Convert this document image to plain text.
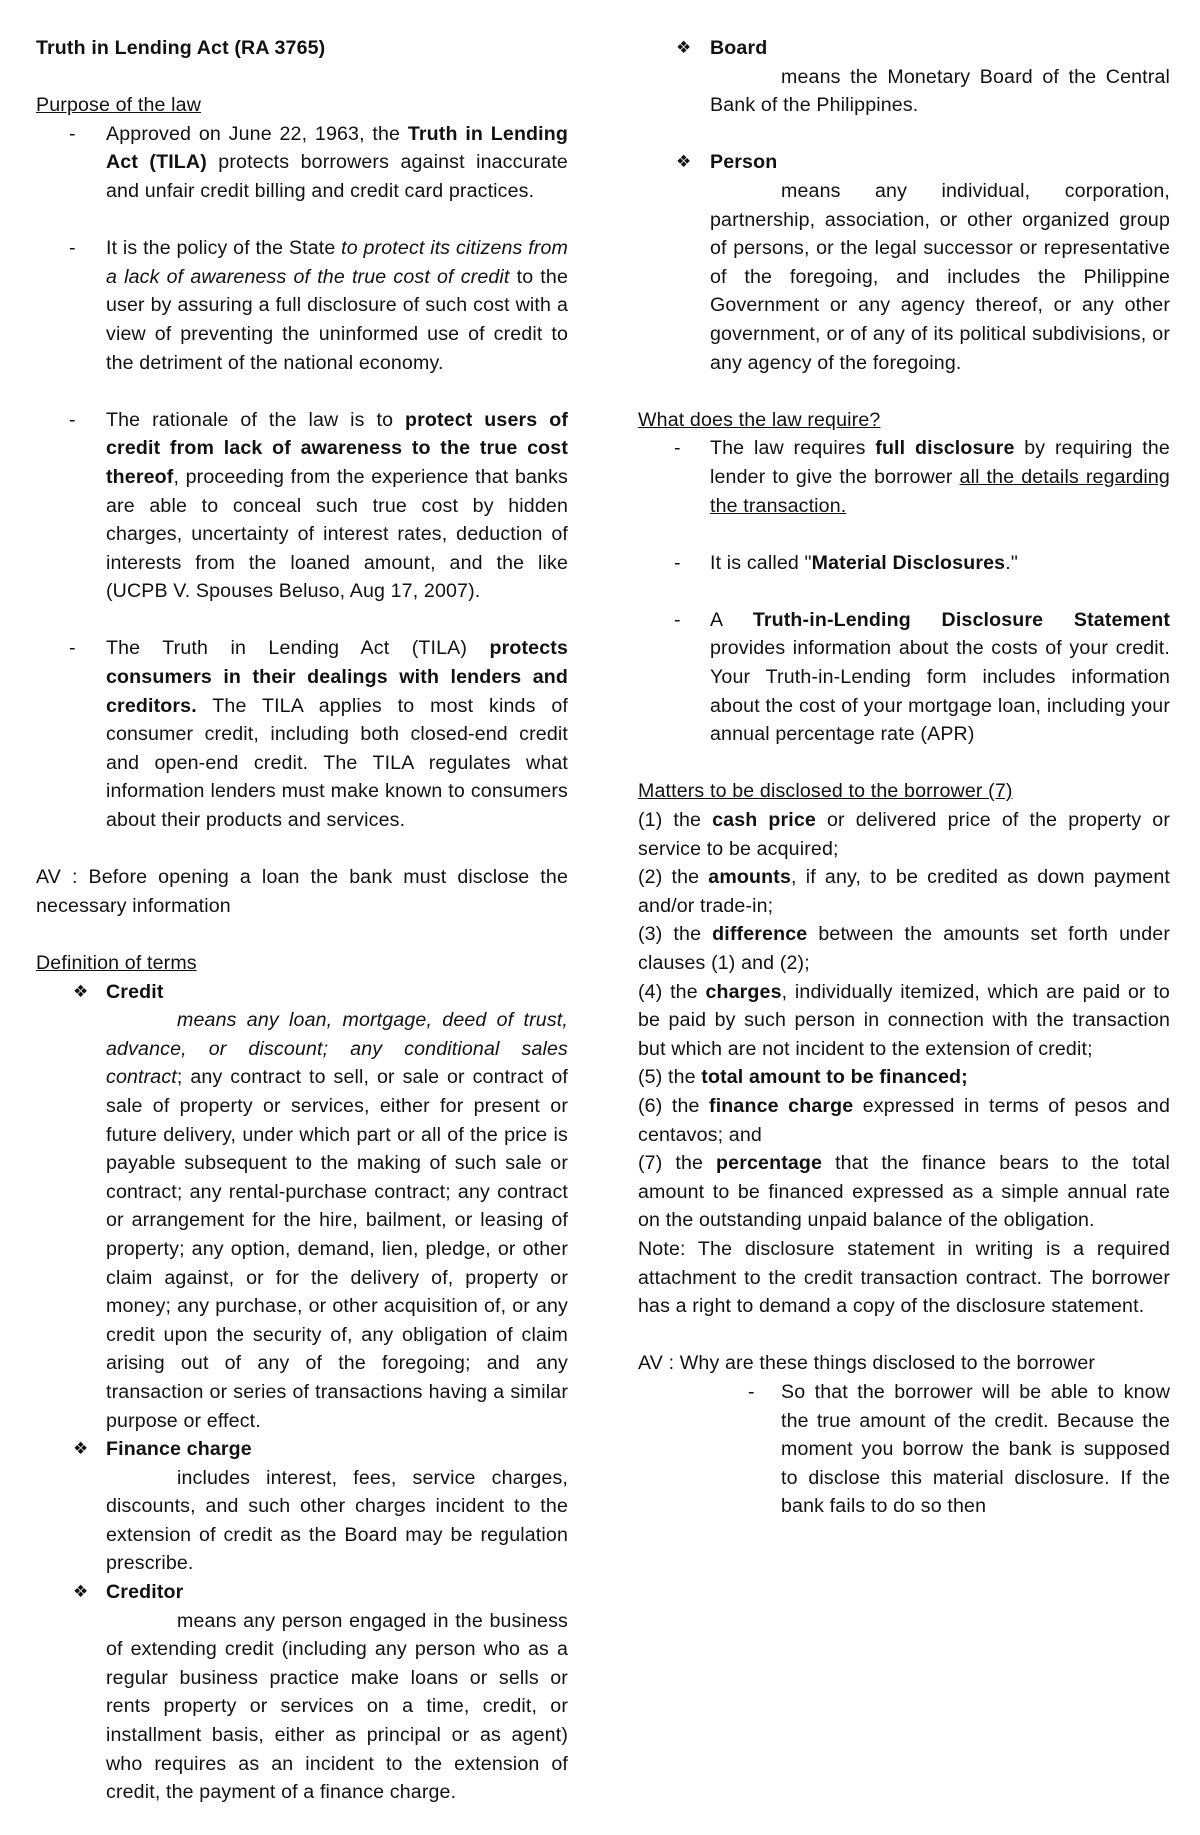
Truth in Lending Act (RA 3765)

Purpose of the law

- Approved on June 22, 1963, the Truth in Lending Act (TILA) protects borrowers against inaccurate and unfair credit billing and credit card practices.

- It is the policy of the State to protect its citizens from a lack of awareness of the true cost of credit to the user by assuring a full disclosure of such cost with a view of preventing the uninformed use of credit to the detriment of the national economy.

- The rationale of the law is to protect users of credit from lack of awareness to the true cost thereof, proceeding from the experience that banks are able to conceal such true cost by hidden charges, uncertainty of interest rates, deduction of interests from the loaned amount, and the like (UCPB V. Spouses Beluso, Aug 17, 2007).

- The Truth in Lending Act (TILA) protects consumers in their dealings with lenders and creditors. The TILA applies to most kinds of consumer credit, including both closed-end credit and open-end credit. The TILA regulates what information lenders must make known to consumers about their products and services.

AV : Before opening a loan the bank must disclose the necessary information

Definition of terms

❖ Credit

means any loan, mortgage, deed of trust, advance, or discount; any conditional sales contract; any contract to sell, or sale or contract of sale of property or services, either for present or future delivery, under which part or all of the price is payable subsequent to the making of such sale or contract; any rental-purchase contract; any contract or arrangement for the hire, bailment, or leasing of property; any option, demand, lien, pledge, or other claim against, or for the delivery of, property or money; any purchase, or other acquisition of, or any credit upon the security of, any obligation of claim arising out of any of the foregoing; and any transaction or series of transactions having a similar purpose or effect.

❖ Finance charge

includes interest, fees, service charges, discounts, and such other charges incident to the extension of credit as the Board may be regulation prescribe.

❖ Creditor

means any person engaged in the business of extending credit (including any person who as a regular business practice make loans or sells or rents property or services on a time, credit, or installment basis, either as principal or as agent) who requires as an incident to the extension of credit, the payment of a finance charge.

❖ Board

means the Monetary Board of the Central Bank of the Philippines.

❖ Person

means any individual, corporation, partnership, association, or other organized group of persons, or the legal successor or representative of the foregoing, and includes the Philippine Government or any agency thereof, or any other government, or of any of its political subdivisions, or any agency of the foregoing.

What does the law require?

- The law requires full disclosure by requiring the lender to give the borrower all the details regarding the transaction.

- It is called "Material Disclosures."

- A Truth-in-Lending Disclosure Statement provides information about the costs of your credit. Your Truth-in-Lending form includes information about the cost of your mortgage loan, including your annual percentage rate (APR)

Matters to be disclosed to the borrower (7)

(1) the cash price or delivered price of the property or service to be acquired;

(2) the amounts, if any, to be credited as down payment and/or trade-in;

(3) the difference between the amounts set forth under clauses (1) and (2);

(4) the charges, individually itemized, which are paid or to be paid by such person in connection with the transaction but which are not incident to the extension of credit;

(5) the total amount to be financed;

(6) the finance charge expressed in terms of pesos and centavos; and

(7) the percentage that the finance bears to the total amount to be financed expressed as a simple annual rate on the outstanding unpaid balance of the obligation.

Note: The disclosure statement in writing is a required attachment to the credit transaction contract. The borrower has a right to demand a copy of the disclosure statement.

AV : Why are these things disclosed to the borrower

- So that the borrower will be able to know the true amount of the credit. Because the moment you borrow the bank is supposed to disclose this material disclosure. If the bank fails to do so then
